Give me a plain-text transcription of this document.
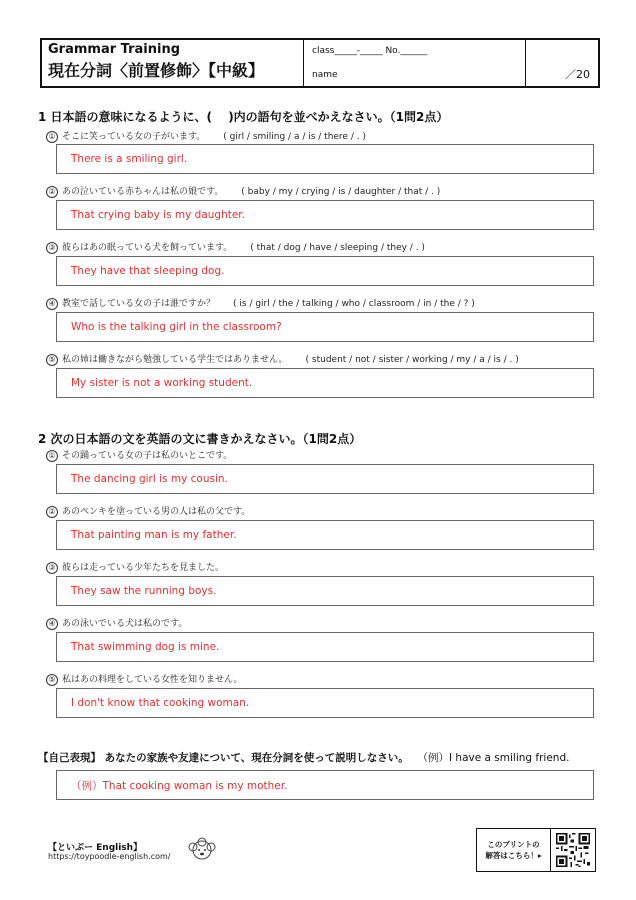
Grammar Training
現在分詞〈前置修飾〉【中級】
class_____-_____ No.______
name	／20
1 日本語の意味になるように、(　 )内の語句を並べかえなさい。（1問2点）
① そこに笑っている女の子がいます。 ( girl / smiling / a / is / there / . )
There is a smiling girl.
② あの泣いている赤ちゃんは私の娘です。 ( baby / my / crying / is / daughter / that / . )
That crying baby is my daughter.
③ 彼らはあの眠っている犬を飼っています。 ( that / dog / have / sleeping / they / . )
They have that sleeping dog.
④ 教室で話している女の子は誰ですか？ ( is / girl / the / talking / who / classroom / in / the / ? )
Who is the talking girl in the classroom?
⑤ 私の姉は働きながら勉強している学生ではありません。 ( student / not / sister / working / my / a / is / . )
My sister is not a working student.
2 次の日本語の文を英語の文に書きかえなさい。（1問2点）
① その踊っている女の子は私のいとこです。
The dancing girl is my cousin.
② あのペンキを塗っている男の人は私の父です。
That painting man is my father.
③ 彼らは走っている少年たちを見ました。
They saw the running boys.
④ あの泳いでいる犬は私のです。
That swimming dog is mine.
⑤ 私はあの料理をしている女性を知りません。
I don't know that cooking woman.
【自己表現】 あなたの家族や友達について、現在分詞を使って説明しなさい。 （例）I have a smiling friend.
（例）That cooking woman is my mother.
【といぷー English】
https://toypoodle-english.com/
このプリントの
解答はこちら！▸
